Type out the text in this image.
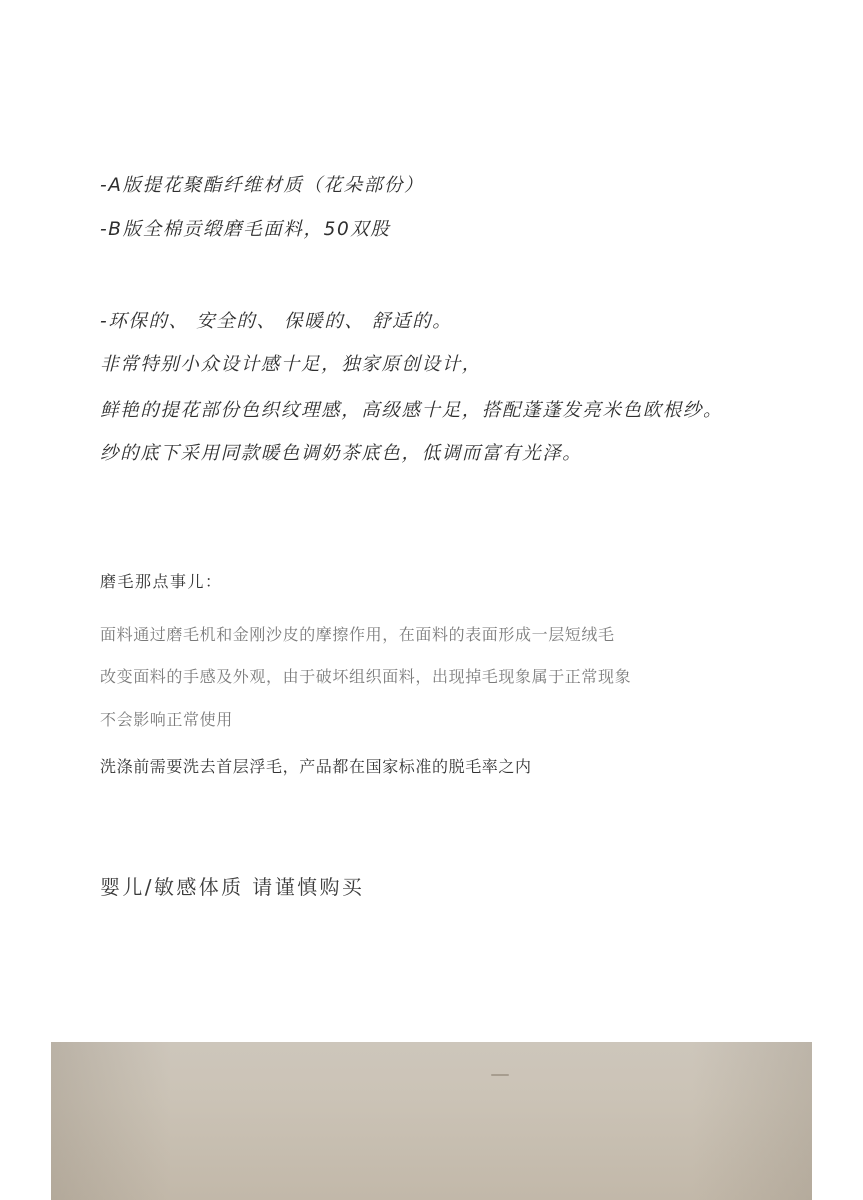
-A版提花聚酯纤维材质（花朵部份）
-B版全棉贡缎磨毛面料，50双股
-环保的、 安全的、 保暖的、 舒适的。
非常特别小众设计感十足，独家原创设计，
鲜艳的提花部份色织纹理感，高级感十足，搭配蓬蓬发亮米色欧根纱。
纱的底下采用同款暖色调奶茶底色，低调而富有光泽。
磨毛那点事儿：
面料通过磨毛机和金刚沙皮的摩擦作用，在面料的表面形成一层短绒毛
改变面料的手感及外观，由于破坏组织面料，出现掉毛现象属于正常现象
不会影响正常使用
洗涤前需要洗去首层浮毛，产品都在国家标准的脱毛率之内
婴儿/敏感体质 请谨慎购买
